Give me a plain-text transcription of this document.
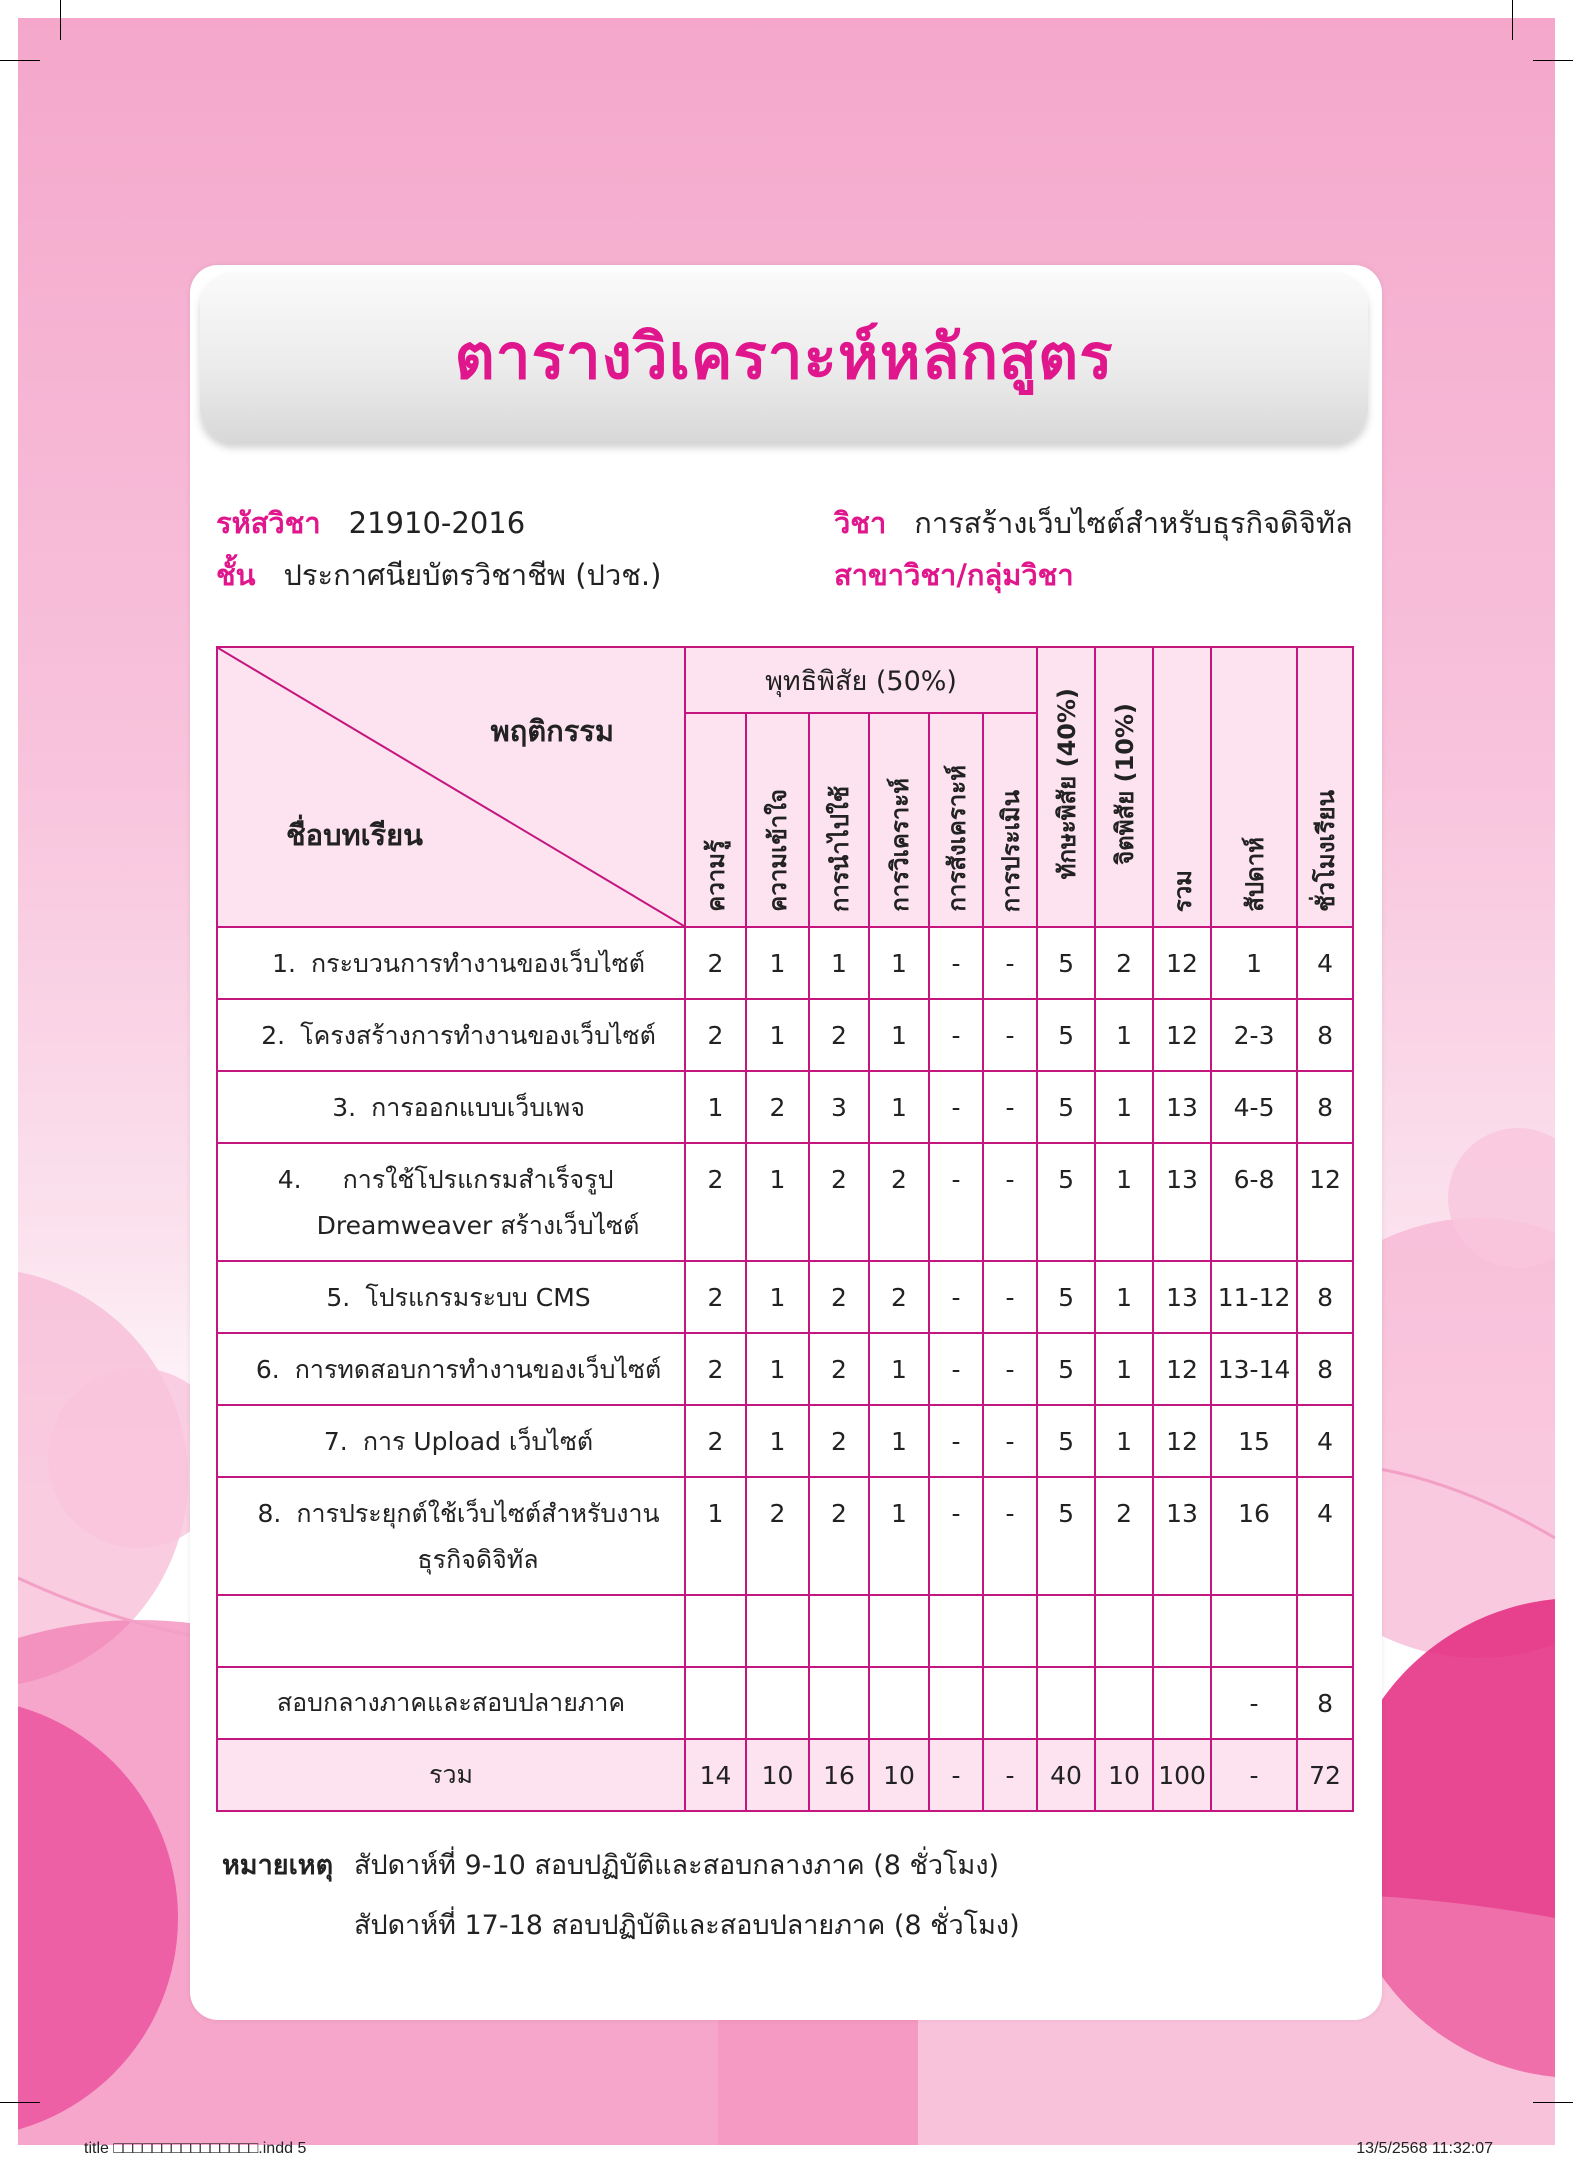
ตารางวิเคราะห์หลักสูตร
รหัสวิชา 21910-2016
ชั้น ประกาศนียบัตรวิชาชีพ (ปวช.)
วิชา การสร้างเว็บไซต์สำหรับธุรกิจดิจิทัล
สาขาวิชา/กลุ่มวิชา
พฤติกรรม
ชื่อบทเรียน	พุทธิพิสัย (50%)						ทักษะพิสัย (40%)	จิตพิสัย (10%)	รวม	สัปดาห์	ชั่วโมงเรียน
	ความรู้	ความเข้าใจ	การนำไปใช้	การวิเคราะห์	การสังเคราะห์	การประเมิน					
1. กระบวนการทำงานของเว็บไซต์	2	1	1	1	-	-	5	2	12	1	4
2. โครงสร้างการทำงานของเว็บไซต์	2	1	2	1	-	-	5	1	12	2-3	8
3. การออกแบบเว็บเพจ	1	2	3	1	-	-	5	1	13	4-5	8
4. การใช้โปรแกรมสำเร็จรูป
Dreamweaver สร้างเว็บไซต์	2	1	2	2	-	-	5	1	13	6-8	12
5. โปรแกรมระบบ CMS	2	1	2	2	-	-	5	1	13	11-12	8
6. การทดสอบการทำงานของเว็บไซต์	2	1	2	1	-	-	5	1	12	13-14	8
7. การ Upload เว็บไซต์	2	1	2	1	-	-	5	1	12	15	4
8. การประยุกต์ใช้เว็บไซต์สำหรับงาน
ธุรกิจดิจิทัล	1	2	2	1	-	-	5	2	13	16	4

สอบกลางภาคและสอบปลายภาค										-	8
รวม	14	10	16	10	-	-	40	10	100	-	72
หมายเหตุ สัปดาห์ที่ 9-10 สอบปฏิบัติและสอบกลางภาค (8 ชั่วโมง)
สัปดาห์ที่ 17-18 สอบปฏิบัติและสอบปลายภาค (8 ชั่วโมง)
title □□□□□□□□□□□□□□□.indd 5	13/5/2568 11:32:07
